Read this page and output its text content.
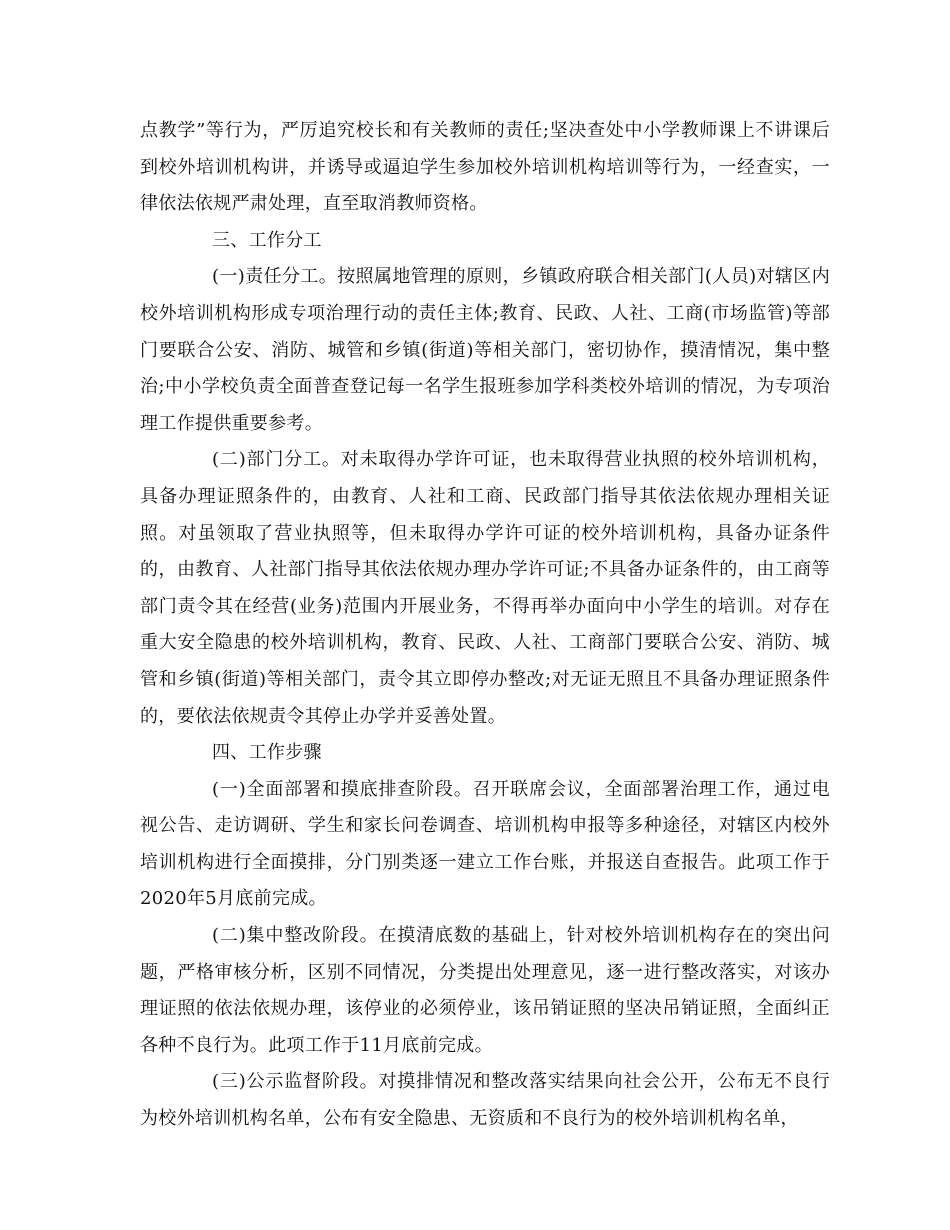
点教学”等行为，严厉追究校长和有关教师的责任;坚决查处中小学教师课上不讲课后到校外培训机构讲，并诱导或逼迫学生参加校外培训机构培训等行为，一经查实，一律依法依规严肃处理，直至取消教师资格。

三、工作分工

(一)责任分工。按照属地管理的原则，乡镇政府联合相关部门(人员)对辖区内校外培训机构形成专项治理行动的责任主体;教育、民政、人社、工商(市场监管)等部门要联合公安、消防、城管和乡镇(街道)等相关部门，密切协作，摸清情况，集中整治;中小学校负责全面普查登记每一名学生报班参加学科类校外培训的情况，为专项治理工作提供重要参考。

(二)部门分工。对未取得办学许可证，也未取得营业执照的校外培训机构，具备办理证照条件的，由教育、人社和工商、民政部门指导其依法依规办理相关证照。对虽领取了营业执照等，但未取得办学许可证的校外培训机构，具备办证条件的，由教育、人社部门指导其依法依规办理办学许可证;不具备办证条件的，由工商等部门责令其在经营(业务)范围内开展业务，不得再举办面向中小学生的培训。对存在重大安全隐患的校外培训机构，教育、民政、人社、工商部门要联合公安、消防、城管和乡镇(街道)等相关部门，责令其立即停办整改;对无证无照且不具备办理证照条件的，要依法依规责令其停止办学并妥善处置。

四、工作步骤

(一)全面部署和摸底排查阶段。召开联席会议，全面部署治理工作，通过电视公告、走访调研、学生和家长问卷调查、培训机构申报等多种途径，对辖区内校外培训机构进行全面摸排，分门别类逐一建立工作台账，并报送自查报告。此项工作于2020年5月底前完成。

(二)集中整改阶段。在摸清底数的基础上，针对校外培训机构存在的突出问题，严格审核分析，区别不同情况，分类提出处理意见，逐一进行整改落实，对该办理证照的依法依规办理，该停业的必须停业，该吊销证照的坚决吊销证照，全面纠正各种不良行为。此项工作于11月底前完成。

(三)公示监督阶段。对摸排情况和整改落实结果向社会公开，公布无不良行为校外培训机构名单，公布有安全隐患、无资质和不良行为的校外培训机构名单，
